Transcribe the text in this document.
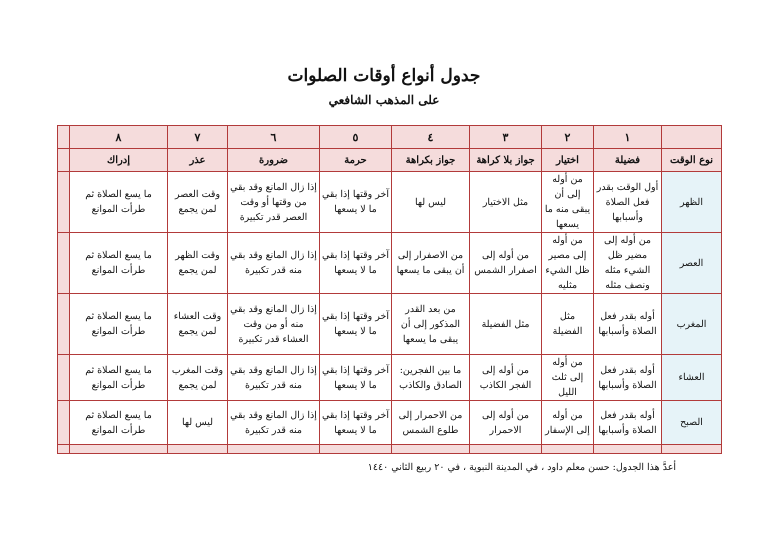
جدول أنواع أوقات الصلوات
على المذهب الشافعي
	١	٢	٣	٤	٥	٦	٧	٨	
نوع الوقت	فضيلة	اختيار	جواز بلا كراهة	جواز بكراهة	حرمة	ضرورة	عذر	إدراك	
الظهر	أول الوقت بقدر فعل الصلاة وأسبابها	من أوله إلى أن يبقى منه ما يسعها	مثل الاختيار	ليس لها	آخر وقتها إذا بقي ما لا يسعها	إذا زال المانع وقد بقي من وقتها أو وقت العصر قدر تكبيرة	وقت العصر لمن يجمع	ما يسع الصلاة ثم طرأت الموانع	
العصر	من أوله إلى مضير ظل الشيء مثله ونصف مثله	من أوله إلى مصير ظل الشيء مثليه	من أوله إلى اصفرار الشمس	من الاصفرار إلى أن يبقى ما يسعها	آخر وقتها إذا بقي ما لا يسعها	إذا زال المانع وقد بقي منه قدر تكبيرة	وقت الظهر لمن يجمع	ما يسع الصلاة ثم طرأت الموانع	
المغرب	أوله بقدر فعل الصلاة وأسبابها	مثل الفضيلة	مثل الفضيلة	من بعد القدر المذكور إلى أن يبقى ما يسعها	آخر وقتها إذا بقي ما لا يسعها	إذا زال المانع وقد بقي منه أو من وقت العشاء قدر تكبيرة	وقت العشاء لمن يجمع	ما يسع الصلاة ثم طرأت الموانع	
العشاء	أوله بقدر فعل الصلاة وأسبابها	من أوله إلى ثلث الليل	من أوله إلى الفجر الكاذب	ما بين الفجرين: الصادق والكاذب	آخر وقتها إذا بقي ما لا يسعها	إذا زال المانع وقد بقي منه قدر تكبيرة	وقت المغرب لمن يجمع	ما يسع الصلاة ثم طرأت الموانع	
الصبح	أوله بقدر فعل الصلاة وأسبابها	من أوله إلى الإسفار	من أوله إلى الاحمرار	من الاحمرار إلى طلوع الشمس	آخر وقتها إذا بقي ما لا يسعها	إذا زال المانع وقد بقي منه قدر تكبيرة	ليس لها	ما يسع الصلاة ثم طرأت الموانع	

أعدَّ هذا الجدول: حسن معلم داود ، في المدينة النبوية ، في ٢٠ ربيع الثاني ١٤٤٠
